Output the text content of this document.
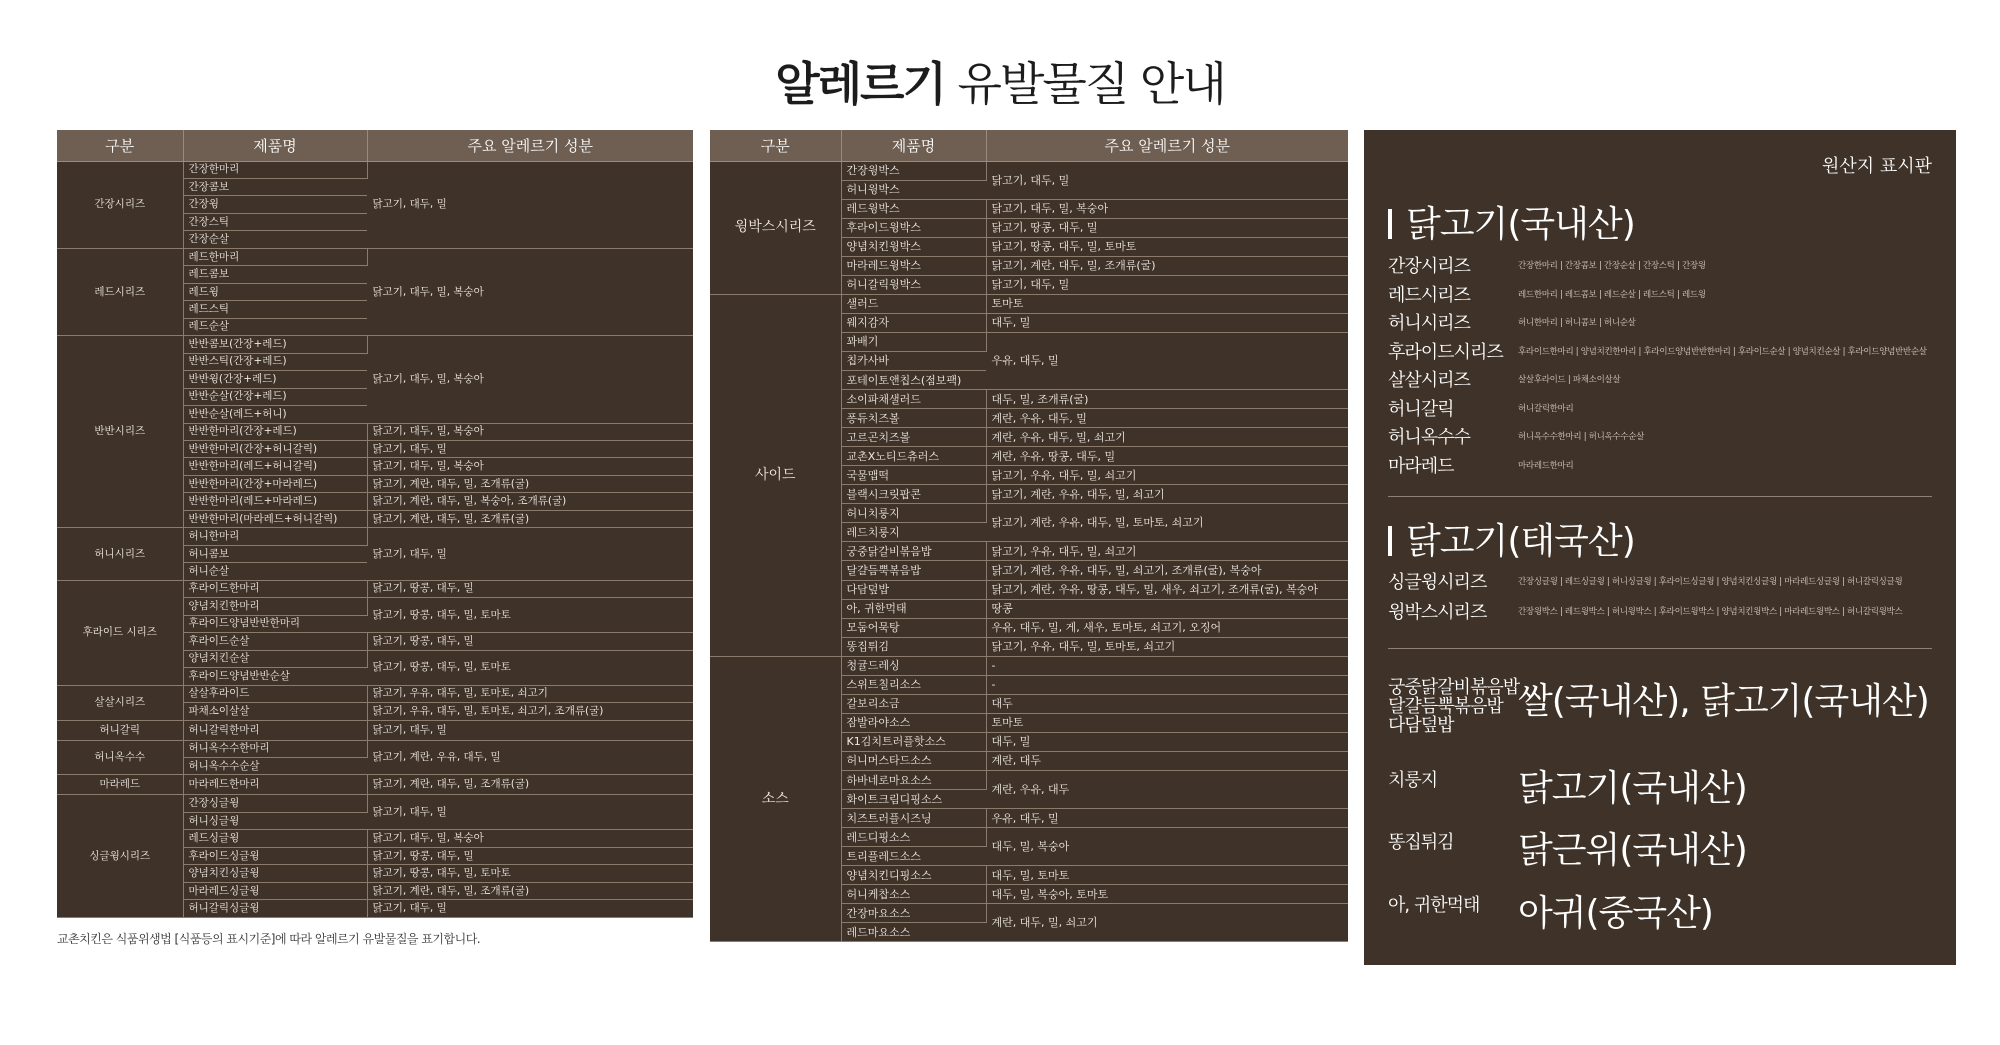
알레르기 유발물질 안내
구분	제품명	주요 알레르기 성분
간장시리즈	간장한마리	닭고기, 대두, 밀
	간장콤보	
	간장윙	
	간장스틱	
	간장순살	
레드시리즈	레드한마리	닭고기, 대두, 밀, 복숭아
	레드콤보	
	레드윙	
	레드스틱	
	레드순살	
반반시리즈	반반콤보(간장+레드)	닭고기, 대두, 밀, 복숭아
	반반스틱(간장+레드)	
	반반윙(간장+레드)	
	반반순살(간장+레드)	
	반반순살(레드+허니)	
	반반한마리(간장+레드)	닭고기, 대두, 밀, 복숭아
	반반한마리(간장+허니갈릭)	닭고기, 대두, 밀
	반반한마리(레드+허니갈릭)	닭고기, 대두, 밀, 복숭아
	반반한마리(간장+마라레드)	닭고기, 계란, 대두, 밀, 조개류(굴)
	반반한마리(레드+마라레드)	닭고기, 계란, 대두, 밀, 복숭아, 조개류(굴)
	반반한마리(마라레드+허니갈릭)	닭고기, 계란, 대두, 밀, 조개류(굴)
허니시리즈	허니한마리	닭고기, 대두, 밀
	허니콤보	
	허니순살	
후라이드 시리즈	후라이드한마리	닭고기, 땅콩, 대두, 밀
	양념치킨한마리	닭고기, 땅콩, 대두, 밀, 토마토
	후라이드양념반반한마리	
	후라이드순살	닭고기, 땅콩, 대두, 밀
	양념치킨순살	닭고기, 땅콩, 대두, 밀, 토마토
	후라이드양념반반순살	
살살시리즈	살살후라이드	닭고기, 우유, 대두, 밀, 토마토, 쇠고기
	파채소이살살	닭고기, 우유, 대두, 밀, 토마토, 쇠고기, 조개류(굴)
허니갈릭	허니갈릭한마리	닭고기, 대두, 밀
허니옥수수	허니옥수수한마리	닭고기, 계란, 우유, 대두, 밀
	허니옥수수순살	
마라레드	마라레드한마리	닭고기, 계란, 대두, 밀, 조개류(굴)
싱글윙시리즈	간장싱글윙	닭고기, 대두, 밀
	허니싱글윙	
	레드싱글윙	닭고기, 대두, 밀, 복숭아
	후라이드싱글윙	닭고기, 땅콩, 대두, 밀
	양념치킨싱글윙	닭고기, 땅콩, 대두, 밀, 토마토
	마라레드싱글윙	닭고기, 계란, 대두, 밀, 조개류(굴)
	허니갈릭싱글윙	닭고기, 대두, 밀
구분	제품명	주요 알레르기 성분
윙박스시리즈	간장윙박스	닭고기, 대두, 밀
	허니윙박스	
	레드윙박스	닭고기, 대두, 밀, 복숭아
	후라이드윙박스	닭고기, 땅콩, 대두, 밀
	양념치킨윙박스	닭고기, 땅콩, 대두, 밀, 토마토
	마라레드윙박스	닭고기, 계란, 대두, 밀, 조개류(굴)
	허니갈릭윙박스	닭고기, 대두, 밀
사이드	샐러드	토마토
	웨지감자	대두, 밀
	꽈배기	우유, 대두, 밀
	칩카사바	
	포테이토앤칩스(점보팩)	
	소이파채샐러드	대두, 밀, 조개류(굴)
	퐁듀치즈볼	계란, 우유, 대두, 밀
	고르곤치즈볼	계란, 우유, 대두, 밀, 쇠고기
	교촌X노티드츄러스	계란, 우유, 땅콩, 대두, 밀
	국물맵떡	닭고기, 우유, 대두, 밀, 쇠고기
	블랙시크릿팝콘	닭고기, 계란, 우유, 대두, 밀, 쇠고기
	허니치룽지	닭고기, 계란, 우유, 대두, 밀, 토마토, 쇠고기
	레드치룽지	
	궁중닭갈비볶음밥	닭고기, 우유, 대두, 밀, 쇠고기
	달걀듬뿍볶음밥	닭고기, 계란, 우유, 대두, 밀, 쇠고기, 조개류(굴), 복숭아
	다담덮밥	닭고기, 계란, 우유, 땅콩, 대두, 밀, 새우, 쇠고기, 조개류(굴), 복숭아
	아, 귀한먹태	땅콩
	모둠어묵탕	우유, 대두, 밀, 게, 새우, 토마토, 쇠고기, 오징어
	똥집튀김	닭고기, 우유, 대두, 밀, 토마토, 쇠고기
소스	청귤드레싱	-
	스위트칠리소스	-
	갈보리소금	대두
	잠발라야소스	토마토
	K1김치트러플핫소스	대두, 밀
	허니머스타드소스	계란, 대두
	하바네로마요소스	계란, 우유, 대두
	화이트크림디핑소스	
	치즈트러플시즈닝	우유, 대두, 밀
	레드디핑소스	대두, 밀, 복숭아
	트리플레드소스	
	양념치킨디핑소스	대두, 밀, 토마토
	허니케찹소스	대두, 밀, 복숭아, 토마토
	간장마요소스	계란, 대두, 밀, 쇠고기
	레드마요소스	
교촌치킨은 식품위생법 [식품등의 표시기준]에 따라 알레르기 유발물질을 표기합니다.
원산지 표시판
닭고기(국내산)
간장시리즈	간장한마리 | 간장콤보 | 간장순살 | 간장스틱 | 간장윙
레드시리즈	레드한마리 | 레드콤보 | 레드순살 | 레드스틱 | 레드윙
허니시리즈	허니한마리 | 허니콤보 | 허니순살
후라이드시리즈 후라이드한마리 | 양념치킨한마리 | 후라이드양념반반한마리 | 후라이드순살 | 양념치킨순살 | 후라이드양념반반순살
살살시리즈	살살후라이드 | 파채소이살살
허니갈릭	허니갈릭한마리
허니옥수수	허니옥수수한마리 | 허니옥수수순살
마라레드	마라레드한마리
닭고기(태국산)
싱글윙시리즈	간장싱글윙 | 레드싱글윙 | 허니싱글윙 | 후라이드싱글윙 | 양념치킨싱글윙 | 마라레드싱글윙 | 허니갈릭싱글윙
윙박스시리즈	간장윙박스 | 레드윙박스 | 허니윙박스 | 후라이드윙박스 | 양념치킨윙박스 | 마라레드윙박스 | 허니갈릭윙박스
궁중닭갈비볶음밥
달걀듬뿍볶음밥
다담덮밥
쌀(국내산), 닭고기(국내산)
치룽지 닭고기(국내산)
똥집튀김 닭근위(국내산)
아, 귀한먹태 아귀(중국산)
